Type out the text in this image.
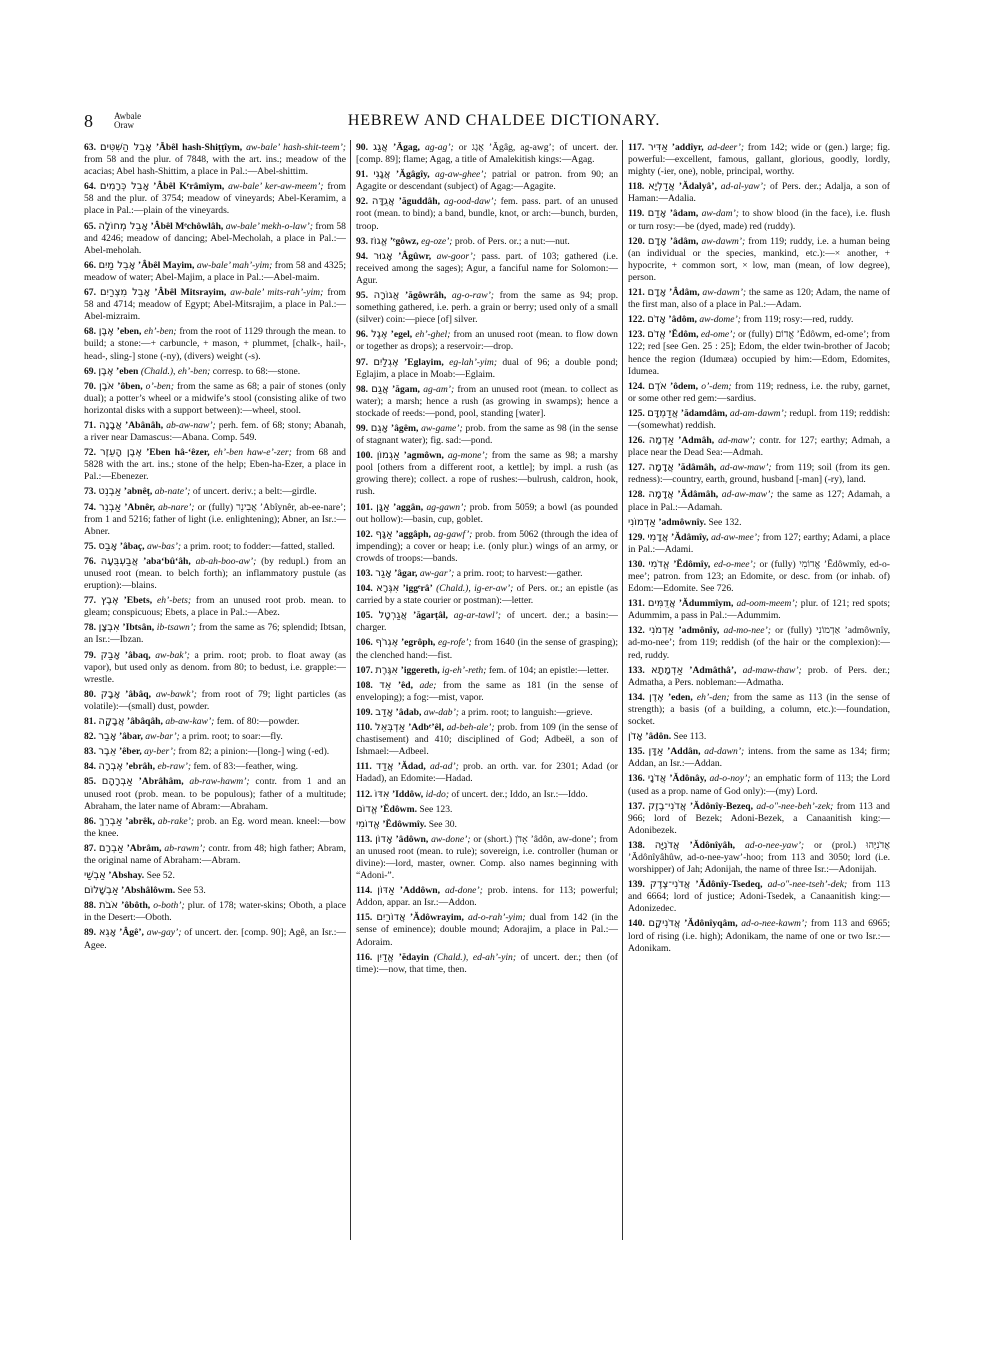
8 Awbale
Oraw	HEBREW AND CHALDEE DICTIONARY.

63. אָבֵל הַשִּׁטִּים ’Âbêl hash-Shiṭṭîym, aw-bale’ hash-shit-teem’; from 58 and the plur. of 7848, with the art. ins.; meadow of the acacias; Abel hash-Shittim, a place in Pal.:—Abel-shittim.

64. אָבֵל כְּרָמִים ’Âbêl Kᵉrâmîym, aw-bale’ ker-aw-meem’; from 58 and the plur. of 3754; meadow of vineyards; Abel-Keramim, a place in Pal.:—plain of the vineyards.

65. אָבֵל מְחוֹלָה ’Âbêl Mᵉchôwlâh, aw-bale’ mekh-o-law’; from 58 and 4246; meadow of dancing; Abel-Mecholah, a place in Pal.:—Abel-meholah.

66. אָבֵל מַיִם ’Âbêl Mayim, aw-bale’ mah’-yim; from 58 and 4325; meadow of water; Abel-Majim, a place in Pal.:—Abel-maim.

67. אָבֵל מִצְרַיִם ’Âbêl Mitsrayim, aw-bale’ mits-rah’-yim; from 58 and 4714; meadow of Egypt; Abel-Mitsrajim, a place in Pal.:—Abel-mizraim.

68. אֶבֶן ’eben, eh’-ben; from the root of 1129 through the mean. to build; a stone:—+ carbuncle, + mason, + plummet, [chalk-, hail-, head-, sling-] stone (-ny), (divers) weight (-s).

69. אֶבֶן ’eben (Chald.), eh’-ben; corresp. to 68:—stone.

70. אֹבֶן ’ôben, o’-ben; from the same as 68; a pair of stones (only dual); a potter’s wheel or a midwife’s stool (consisting alike of two horizontal disks with a support between):—wheel, stool.

71. אֲבָנָה ’Abânâh, ab-aw-naw’; perh. fem. of 68; stony; Abanah, a river near Damascus:—Abana. Comp. 549.

72. אֶבֶן הָעֵזֶר ’Eben hâ-‘êzer, eh’-ben haw-e’-zer; from 68 and 5828 with the art. ins.; stone of the help; Eben-ha-Ezer, a place in Pal.:—Ebenezer.

73. אַבְנֵט ’abnêṭ, ab-nate’; of uncert. deriv.; a belt:—girdle.

74. אַבְנֵר ’Abnêr, ab-nare’; or (fully) אֲבִינֵר ’Abîynêr, ab-ee-nare’; from 1 and 5216; father of light (i.e. enlightening); Abner, an Isr.:—Abner.

75. אָבַס ’âbaç, aw-bas’; a prim. root; to fodder:—fatted, stalled.

76. אֲבַעְבֻּעָה ’aba‘bû‘âh, ab-ah-boo-aw’; (by redupl.) from an unused root (mean. to belch forth); an inflammatory pustule (as eruption):—blains.

77. אֶבֶץ ’Ebets, eh’-bets; from an unused root prob. mean. to gleam; conspicuous; Ebets, a place in Pal.:—Abez.

78. אִבְצָן ’Ibtsân, ib-tsawn’; from the same as 76; splendid; Ibtsan, an Isr.:—Ibzan.

79. אָבַק ’âbaq, aw-bak’; a prim. root; prob. to float away (as vapor), but used only as denom. from 80; to bedust, i.e. grapple:—wrestle.

80. אָבָק ’âbâq, aw-bawk’; from root of 79; light particles (as volatile):—(small) dust, powder.

81. אֲבָקָה ’âbâqâh, ab-aw-kaw’; fem. of 80:—powder.

82. אָבַר ’âbar, aw-bar’; a prim. root; to soar:—fly.

83. אֵבֶר ’êber, ay-ber’; from 82; a pinion:—[long-] wing (-ed).

84. אֶבְרָה ’ebrâh, eb-raw’; fem. of 83:—feather, wing.

85. אַבְרָהָם ’Abrâhâm, ab-raw-hawm’; contr. from 1 and an unused root (prob. mean. to be populous); father of a multitude; Abraham, the later name of Abram:—Abraham.

86. אַבְרֵךְ ’abrêk, ab-rake’; prob. an Eg. word mean. kneel:—bow the knee.

87. אַבְרָם ’Abrâm, ab-rawm’; contr. from 48; high father; Abram, the original name of Abraham:—Abram.

אַבְשַׁי ’Abshay. See 52.

אַבְשָׁלוֹם ’Abshâlôwm. See 53.

88. אֹבֹת ’ôbôth, o-both’; plur. of 178; water-skins; Oboth, a place in the Desert:—Oboth.

89. אָגֵא ’Âgê’, aw-gay’; of uncert. der. [comp. 90]; Agê, an Isr.:—Agee.

90. אֲגַג ’Ăgag, ag-ag’; or אֲגָג ’Ăgâg, ag-awg’; of uncert. der. [comp. 89]; flame; Agag, a title of Amalekitish kings:—Agag.

91. אֲגָגִי ’Ăgâgîy, ag-aw-ghee’; patrial or patron. from 90; an Agagite or descendant (subject) of Agag:—Agagite.

92. אֲגֻדָּה ’ăguddâh, ag-ood-daw’; fem. pass. part. of an unused root (mean. to bind); a band, bundle, knot, or arch:—bunch, burden, troop.

93. אֱגוֹז ’ᵉgôwz, eg-oze’; prob. of Pers. or.; a nut:—nut.

94. אָגוּר ’Âgûwr, aw-goor’; pass. part. of 103; gathered (i.e. received among the sages); Agur, a fanciful name for Solomon:—Agur.

95. אֲגוֹרָה ’ăgôwrâh, ag-o-raw’; from the same as 94; prop. something gathered, i.e. perh. a grain or berry; used only of a small (silver) coin:—piece [of] silver.

96. אֶגֶל ’egel, eh’-ghel; from an unused root (mean. to flow down or together as drops); a reservoir:—drop.

97. אֶגְלַיִם ’Eglayim, eg-lah’-yim; dual of 96; a double pond; Eglajim, a place in Moab:—Eglaim.

98. אֲגַם ’ăgam, ag-am’; from an unused root (mean. to collect as water); a marsh; hence a rush (as growing in swamps); hence a stockade of reeds:—pond, pool, standing [water].

99. אָגֵם ’âgêm, aw-game’; prob. from the same as 98 (in the sense of stagnant water); fig. sad:—pond.

100. אַגְמוֹן ’agmôwn, ag-mone’; from the same as 98; a marshy pool [others from a different root, a kettle]; by impl. a rush (as growing there); collect. a rope of rushes:—bulrush, caldron, hook, rush.

101. אַגָּן ’aggân, ag-gawn’; prob. from 5059; a bowl (as pounded out hollow):—basin, cup, goblet.

102. אַגָּף ’aggâph, ag-gawf’; prob. from 5062 (through the idea of impending); a cover or heap; i.e. (only plur.) wings of an army, or crowds of troops:—bands.

103. אָגַר ’âgar, aw-gar’; a prim. root; to harvest:—gather.

104. אִגְּרָא ’iggᵉrâ’ (Chald.), ig-er-aw’; of Pers. or.; an epistle (as carried by a state courier or postman):—letter.

105. אֲגַרְטָל ’ăgarṭâl, ag-ar-tawl’; of uncert. der.; a basin:—charger.

106. אֶגְרֹף ’egrôph, eg-rofe’; from 1640 (in the sense of grasping); the clenched hand:—fist.

107. אִגֶּרֶת ’iggereth, ig-eh’-reth; fem. of 104; an epistle:—letter.

108. אֵד ’êd, ade; from the same as 181 (in the sense of enveloping); a fog:—mist, vapor.

109. אָדַב ’âdab, aw-dab’; a prim. root; to languish:—grieve.

110. אַדְבְּאֵל ’Adbᵉ’êl, ad-beh-ale’; prob. from 109 (in the sense of chastisement) and 410; disciplined of God; Adbeël, a son of Ishmael:—Adbeel.

111. אֲדַד ’Ădad, ad-ad’; prob. an orth. var. for 2301; Adad (or Hadad), an Edomite:—Hadad.

112. אִדּוֹ ’Iddôw, id-do; of uncert. der.; Iddo, an Isr.:—Iddo.

אֱדוֹם ’Ĕdôwm. See 123.

אֱדוֹמִי ’Ĕdôwmîy. See 30.

113. אָדוֹן ’âdôwn, aw-done’; or (short.) אָדֹן ’âdôn, aw-done’; from an unused root (mean. to rule); sovereign, i.e. controller (human or divine):—lord, master, owner. Comp. also names beginning with “Adoni-”.

114. אַדּוֹן ’Addôwn, ad-done’; prob. intens. for 113; powerful; Addon, appar. an Isr.:—Addon.

115. אֲדוֹרַיִם ’Ădôwrayim, ad-o-rah’-yim; dual from 142 (in the sense of eminence); double mound; Adorajim, a place in Pal.:—Adoraim.

116. אֱדַיִן ’ĕdayin (Chald.), ed-ah’-yin; of uncert. der.; then (of time):—now, that time, then.

117. אַדִּיר ’addîyr, ad-deer’; from 142; wide or (gen.) large; fig. powerful:—excellent, famous, gallant, glorious, goodly, lordly, mighty (-ier, one), noble, principal, worthy.

118. אֲדַלְיָא ’Ădalyâ’, ad-al-yaw’; of Pers. der.; Adalja, a son of Haman:—Adalia.

119. אָדַם ’âdam, aw-dam’; to show blood (in the face), i.e. flush or turn rosy:—be (dyed, made) red (ruddy).

120. אָדָם ’âdâm, aw-dawm’; from 119; ruddy, i.e. a human being (an individual or the species, mankind, etc.):—× another, + hypocrite, + common sort, × low, man (mean, of low degree), person.

121. אָדָם ’Âdâm, aw-dawm’; the same as 120; Adam, the name of the first man, also of a place in Pal.:—Adam.

122. אָדֹם ’âdôm, aw-dome’; from 119; rosy:—red, ruddy.

123. אֱדֹם ’Ĕdôm, ed-ome’; or (fully) אֱדוֹם ’Ĕdôwm, ed-ome’; from 122; red [see Gen. 25 : 25]; Edom, the elder twin-brother of Jacob; hence the region (Idumæa) occupied by him:—Edom, Edomites, Idumea.

124. אֹדֶם ’ôdem, o’-dem; from 119; redness, i.e. the ruby, garnet, or some other red gem:—sardius.

125. אֲדַמְדָּם ’ădamdâm, ad-am-dawm’; redupl. from 119; reddish:—(somewhat) reddish.

126. אַדְמָה ’Admâh, ad-maw’; contr. for 127; earthy; Admah, a place near the Dead Sea:—Admah.

127. אֲדָמָה ’ădâmâh, ad-aw-maw’; from 119; soil (from its gen. redness):—country, earth, ground, husband [-man] (-ry), land.

128. אֲדָמָה ’Ădâmâh, ad-aw-maw’; the same as 127; Adamah, a place in Pal.:—Adamah.

אַדְמוֹנִי ’admôwnîy. See 132.

129. אֲדָמִי ’Ădâmîy, ad-aw-mee’; from 127; earthy; Adami, a place in Pal.:—Adami.

130. אֱדֹמִי ’Ĕdômîy, ed-o-mee’; or (fully) אֱדוֹמִי ’Ĕdôwmîy, ed-o-mee’; patron. from 123; an Edomite, or desc. from (or inhab. of) Edom:—Edomite. See 726.

131. אֲדֻמִּים ’Ădummîym, ad-oom-meem’; plur. of 121; red spots; Adummim, a pass in Pal.:—Adummim.

132. אַדְמֹנִי ’admônîy, ad-mo-nee’; or (fully) אַדְמוֹנִי ’admôwnîy, ad-mo-nee’; from 119; reddish (of the hair or the complexion):—red, ruddy.

133. אַדְמָתָא ’Admâthâ’, ad-maw-thaw’; prob. of Pers. der.; Admatha, a Pers. nobleman:—Admatha.

134. אֶדֶן ’eden, eh’-den; from the same as 113 (in the sense of strength); a basis (of a building, a column, etc.):—foundation, socket.

אָדֹן ’âdôn. See 113.

135. אַדָּן ’Addân, ad-dawn’; intens. from the same as 134; firm; Addan, an Isr.:—Addan.

136. אֲדֹנָי ’Ădônây, ad-o-noy’; an emphatic form of 113; the Lord (used as a prop. name of God only):—(my) Lord.

137. אֲדֹנִי־בֶזֶק ’Ădônîy-Bezeq, ad-o″-nee-beh’-zek; from 113 and 966; lord of Bezek; Adoni-Bezek, a Canaanitish king:—Adonibezek.

138. אֲדֹנִיָּה ’Ădônîyâh, ad-o-nee-yaw’; or (prol.) אֲדֹנִיָּהוּ ’Ădônîyâhûw, ad-o-nee-yaw’-hoo; from 113 and 3050; lord (i.e. worshipper) of Jah; Adonijah, the name of three Isr.:—Adonijah.

139. אֲדֹנִי־צֶדֶק ’Ădônîy-Tsedeq, ad-o″-nee-tseh’-dek; from 113 and 6664; lord of justice; Adoni-Tsedek, a Canaanitish king:—Adonizedec.

140. אֲדֹנִיקָם ’Ădônîyqâm, ad-o-nee-kawm’; from 113 and 6965; lord of rising (i.e. high); Adonikam, the name of one or two Isr.:—Adonikam.
